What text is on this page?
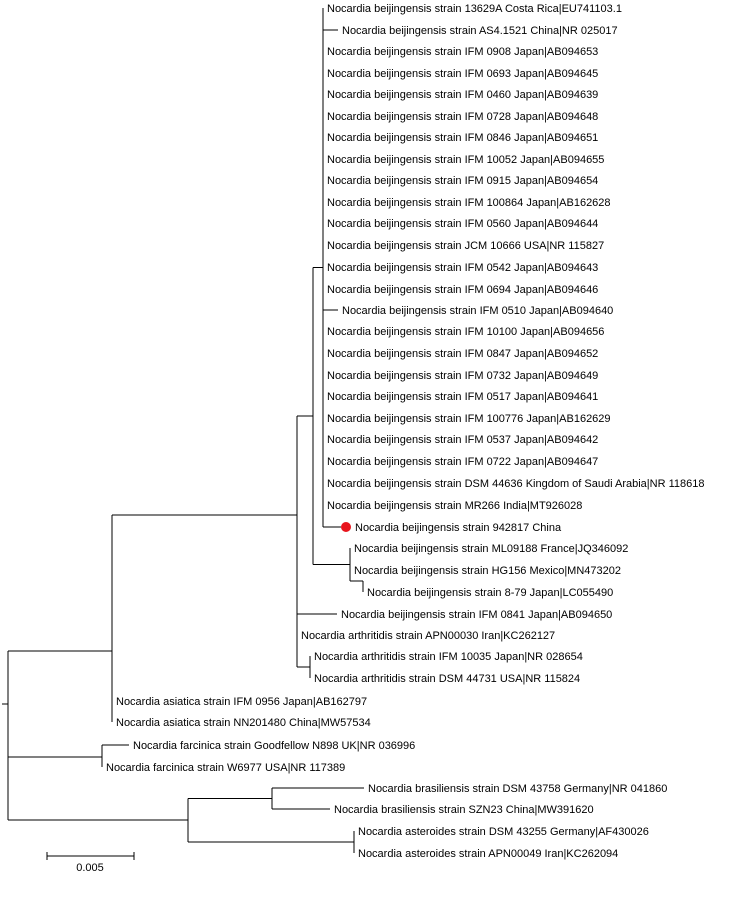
Nocardia beijingensis strain 13629A Costa Rica|EU741103.1
Nocardia beijingensis strain AS4.1521 China|NR 025017
Nocardia beijingensis strain IFM 0908 Japan|AB094653
Nocardia beijingensis strain IFM 0693 Japan|AB094645
Nocardia beijingensis strain IFM 0460 Japan|AB094639
Nocardia beijingensis strain IFM 0728 Japan|AB094648
Nocardia beijingensis strain IFM 0846 Japan|AB094651
Nocardia beijingensis strain IFM 10052 Japan|AB094655
Nocardia beijingensis strain IFM 0915 Japan|AB094654
Nocardia beijingensis strain IFM 100864 Japan|AB162628
Nocardia beijingensis strain IFM 0560 Japan|AB094644
Nocardia beijingensis strain JCM 10666 USA|NR 115827
Nocardia beijingensis strain IFM 0542 Japan|AB094643
Nocardia beijingensis strain IFM 0694 Japan|AB094646
Nocardia beijingensis strain IFM 0510 Japan|AB094640
Nocardia beijingensis strain IFM 10100 Japan|AB094656
Nocardia beijingensis strain IFM 0847 Japan|AB094652
Nocardia beijingensis strain IFM 0732 Japan|AB094649
Nocardia beijingensis strain IFM 0517 Japan|AB094641
Nocardia beijingensis strain IFM 100776 Japan|AB162629
Nocardia beijingensis strain IFM 0537 Japan|AB094642
Nocardia beijingensis strain IFM 0722 Japan|AB094647
Nocardia beijingensis strain DSM 44636 Kingdom of Saudi Arabia|NR 118618
Nocardia beijingensis strain MR266 India|MT926028
Nocardia beijingensis strain 942817 China
Nocardia beijingensis strain ML09188 France|JQ346092
Nocardia beijingensis strain HG156 Mexico|MN473202
Nocardia beijingensis strain 8-79 Japan|LC055490
Nocardia beijingensis strain IFM 0841 Japan|AB094650
Nocardia arthritidis strain APN00030 Iran|KC262127
Nocardia arthritidis strain IFM 10035 Japan|NR 028654
Nocardia arthritidis strain DSM 44731 USA|NR 115824
Nocardia asiatica strain IFM 0956 Japan|AB162797
Nocardia asiatica strain NN201480 China|MW57534
Nocardia farcinica strain Goodfellow N898 UK|NR 036996
Nocardia farcinica strain W6977 USA|NR 117389
Nocardia brasiliensis strain DSM 43758 Germany|NR 041860
Nocardia brasiliensis strain SZN23 China|MW391620
Nocardia asteroides strain DSM 43255 Germany|AF430026
Nocardia asteroides strain APN00049 Iran|KC262094
0.005
